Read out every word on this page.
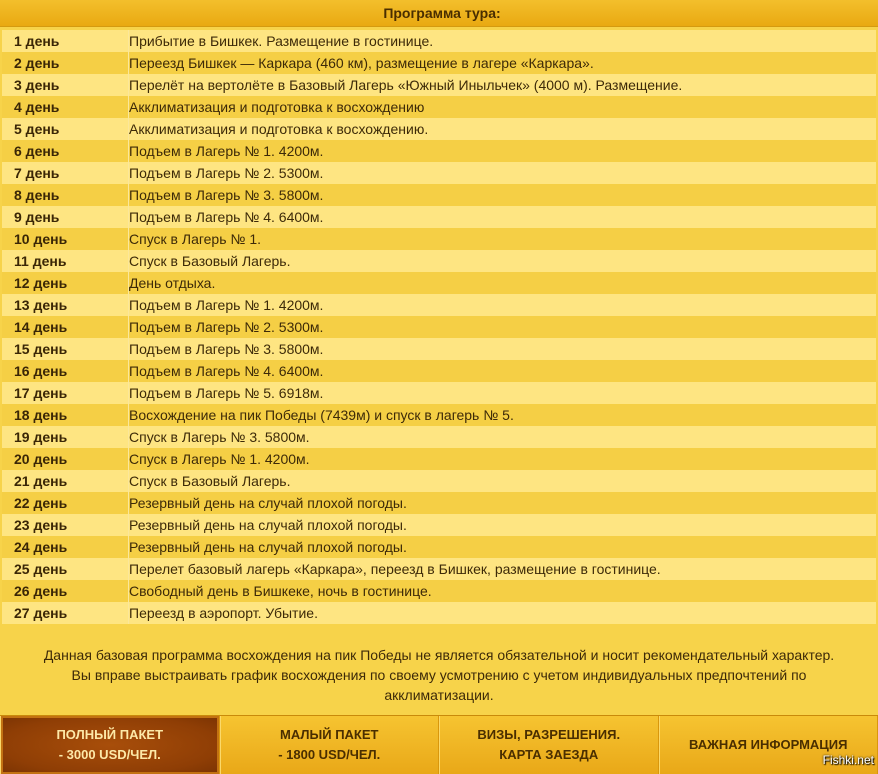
Программа тура:
1 день	Прибытие в Бишкек. Размещение в гостинице.
2 день	Переезд Бишкек — Каркара (460 км), размещение в лагере «Каркара».
3 день	Перелёт на вертолёте в Базовый Лагерь «Южный Иныльчек» (4000 м). Размещение.
4 день	Акклиматизация и подготовка к восхождению
5 день	Акклиматизация и подготовка к восхождению.
6 день	Подъем в Лагерь № 1. 4200м.
7 день	Подъем в Лагерь № 2. 5300м.
8 день	Подъем в Лагерь № 3. 5800м.
9 день	Подъем в Лагерь № 4. 6400м.
10 день	Спуск в Лагерь № 1.
11 день	Спуск в Базовый Лагерь.
12 день	День отдыха.
13 день	Подъем в Лагерь № 1. 4200м.
14 день	Подъем в Лагерь № 2. 5300м.
15 день	Подъем в Лагерь № 3. 5800м.
16 день	Подъем в Лагерь № 4. 6400м.
17 день	Подъем в Лагерь № 5. 6918м.
18 день	Восхождение на пик Победы (7439м) и спуск в лагерь № 5.
19 день	Спуск в Лагерь № 3. 5800м.
20 день	Спуск в Лагерь № 1. 4200м.
21 день	Спуск в Базовый Лагерь.
22 день	Резервный день на случай плохой погоды.
23 день	Резервный день на случай плохой погоды.
24 день	Резервный день на случай плохой погоды.
25 день	Перелет базовый лагерь «Каркара», переезд в Бишкек, размещение в гостинице.
26 день	Свободный день в Бишкеке, ночь в гостинице.
27 день	Переезд в аэропорт. Убытие.
Данная базовая программа восхождения на пик Победы не является обязательной и носит рекомендательный характер.
Вы вправе выстраивать график восхождения по своему усмотрению с учетом индивидуальных предпочтений по
акклиматизации.
ПОЛНЫЙ ПАКЕТ
- 3000 USD/ЧЕЛ.
МАЛЫЙ ПАКЕТ
- 1800 USD/ЧЕЛ.
ВИЗЫ, РАЗРЕШЕНИЯ.
КАРТА ЗАЕЗДА
ВАЖНАЯ ИНФОРМАЦИЯ
Fishki.net
